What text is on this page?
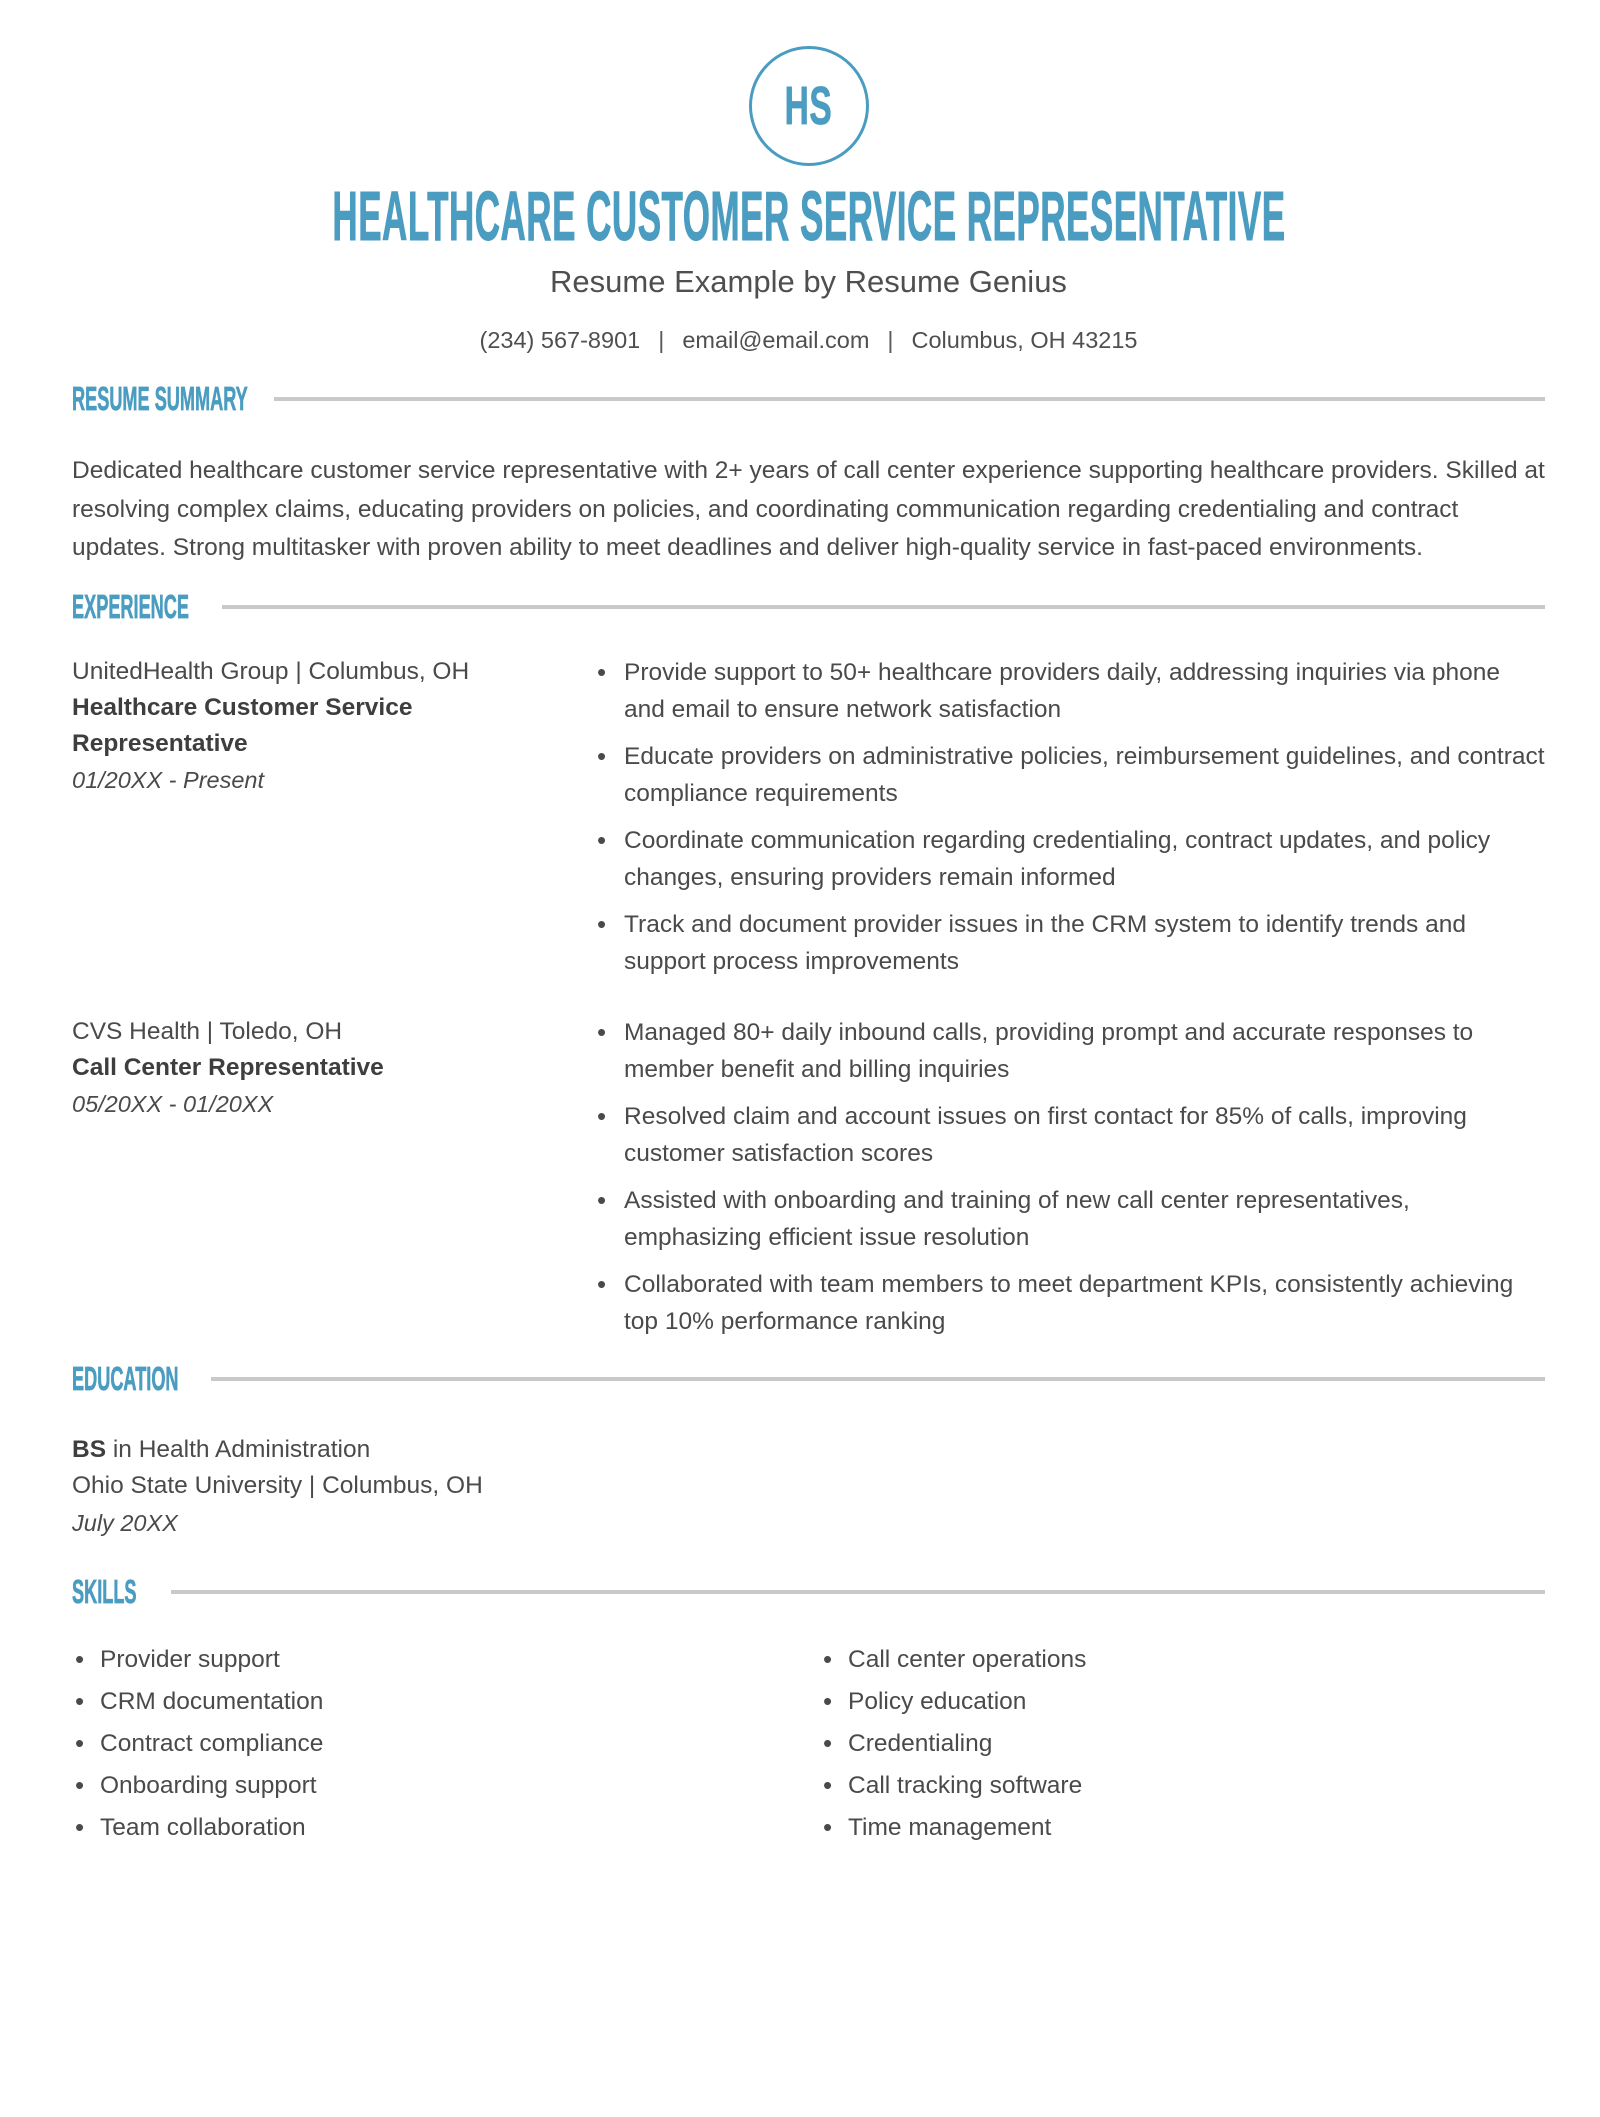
HS
HEALTHCARE CUSTOMER SERVICE REPRESENTATIVE
Resume Example by Resume Genius
(234) 567-8901 | email@email.com | Columbus, OH 43215
RESUME SUMMARY

Dedicated healthcare customer service representative with 2+ years of call center experience supporting healthcare providers. Skilled at resolving complex claims, educating providers on policies, and coordinating communication regarding credentialing and contract updates. Strong multitasker with proven ability to meet deadlines and deliver high-quality service in fast-paced environments.

EXPERIENCE
UnitedHealth Group | Columbus, OH
Healthcare Customer Service Representative
01/20XX - Present
• Provide support to 50+ healthcare providers daily, addressing inquiries via phone and email to ensure network satisfaction
• Educate providers on administrative policies, reimbursement guidelines, and contract compliance requirements
• Coordinate communication regarding credentialing, contract updates, and policy changes, ensuring providers remain informed
• Track and document provider issues in the CRM system to identify trends and support process improvements
CVS Health | Toledo, OH
Call Center Representative
05/20XX - 01/20XX
• Managed 80+ daily inbound calls, providing prompt and accurate responses to member benefit and billing inquiries
• Resolved claim and account issues on first contact for 85% of calls, improving customer satisfaction scores
• Assisted with onboarding and training of new call center representatives, emphasizing efficient issue resolution
• Collaborated with team members to meet department KPIs, consistently achieving top 10% performance ranking
EDUCATION
BS in Health Administration
Ohio State University | Columbus, OH
July 20XX
SKILLS
• Provider support
• CRM documentation
• Contract compliance
• Onboarding support
• Team collaboration
• Call center operations
• Policy education
• Credentialing
• Call tracking software
• Time management
